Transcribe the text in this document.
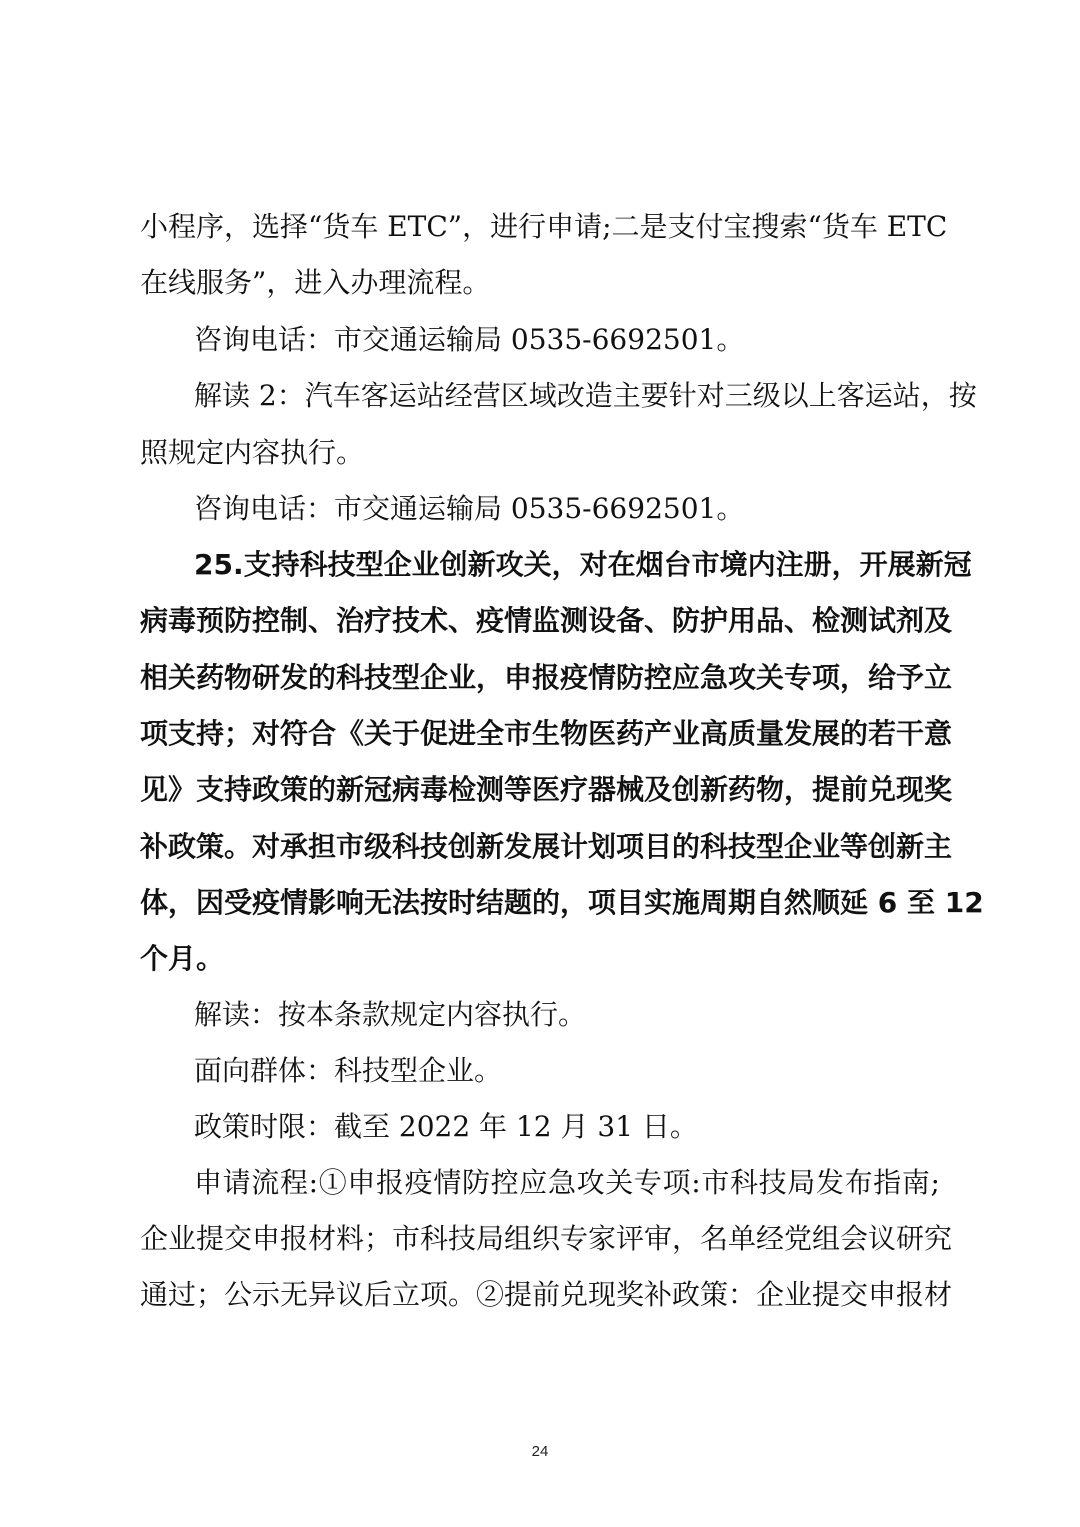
小程序，选择“货车 ETC”，进行申请;二是支付宝搜索“货车 ETC
在线服务”，进入办理流程。
咨询电话：市交通运输局 0535-6692501。
解读 2：汽车客运站经营区域改造主要针对三级以上客运站，按
照规定内容执行。
咨询电话：市交通运输局 0535-6692501。
25.支持科技型企业创新攻关，对在烟台市境内注册，开展新冠
病毒预防控制、治疗技术、疫情监测设备、防护用品、检测试剂及
相关药物研发的科技型企业，申报疫情防控应急攻关专项，给予立
项支持；对符合《关于促进全市生物医药产业高质量发展的若干意
见》支持政策的新冠病毒检测等医疗器械及创新药物，提前兑现奖
补政策。对承担市级科技创新发展计划项目的科技型企业等创新主
体，因受疫情影响无法按时结题的，项目实施周期自然顺延 6 至 12
个月。
解读：按本条款规定内容执行。
面向群体：科技型企业。
政策时限：截至 2022 年 12 月 31 日。
申请流程:①申报疫情防控应急攻关专项:市科技局发布指南;
企业提交申报材料；市科技局组织专家评审，名单经党组会议研究
通过；公示无异议后立项。②提前兑现奖补政策：企业提交申报材
24
